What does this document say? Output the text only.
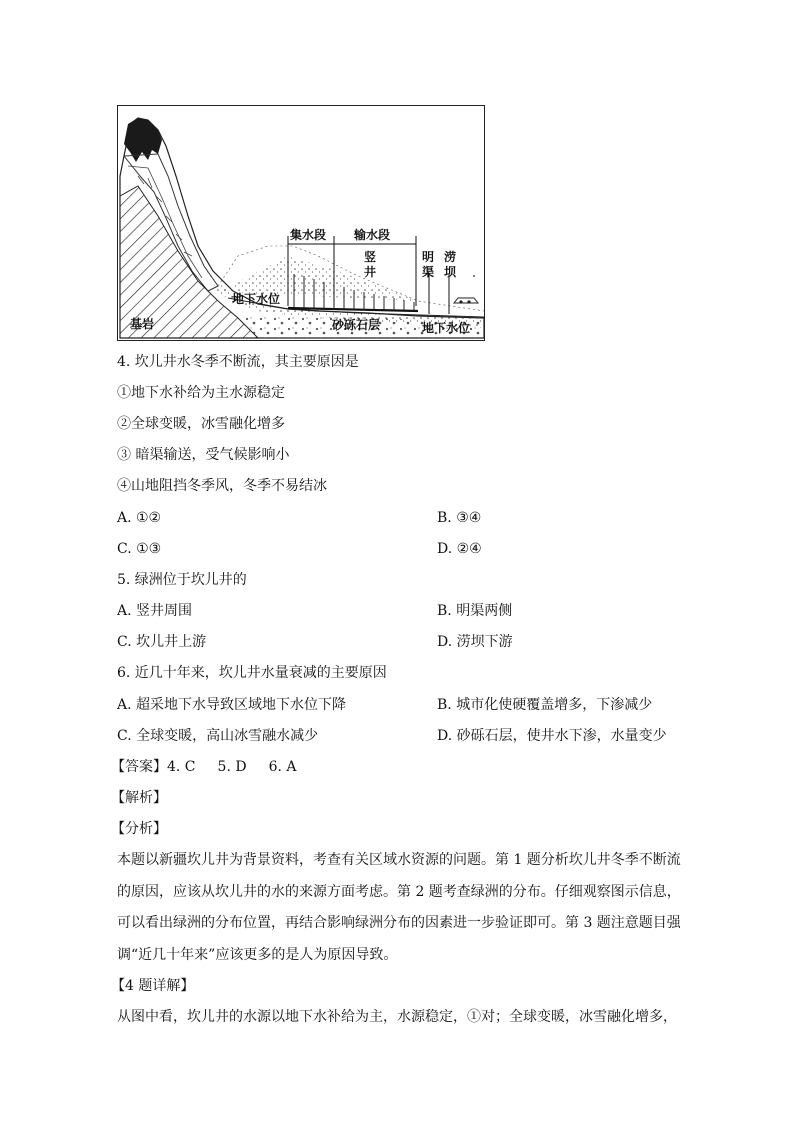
集水段 输水段
竖
井
明
渠
涝
坝
地下水位
地下水位
基岩	砂砾石层
4. 坎儿井水冬季不断流，其主要原因是
①地下水补给为主水源稳定
②全球变暖，冰雪融化增多
③ 暗渠输送，受气候影响小
④山地阻挡冬季风，冬季不易结冰
A. ①②	B. ③④
C. ①③	D. ②④
5. 绿洲位于坎儿井的
A. 竖井周围	B. 明渠两侧
C. 坎儿井上游	D. 涝坝下游
6. 近几十年来，坎儿井水量衰减的主要原因
A. 超采地下水导致区域地下水位下降	B. 城市化使硬覆盖增多，下渗减少
C. 全球变暖，高山冰雪融水减少	D. 砂砾石层，使井水下渗，水量变少
【答案】4. C 5. D 6. A
【解析】
【分析】
本题以新疆坎儿井为背景资料，考查有关区域水资源的问题。第 1 题分析坎儿井冬季不断流的原因，应该从坎儿井的水的来源方面考虑。第 2 题考查绿洲的分布。仔细观察图示信息，可以看出绿洲的分布位置，再结合影响绿洲分布的因素进一步验证即可。第 3 题注意题目强调“近几十年来”应该更多的是人为原因导致。
【4 题详解】
从图中看，坎儿井的水源以地下水补给为主，水源稳定，①对；全球变暖，冰雪融化增多，
